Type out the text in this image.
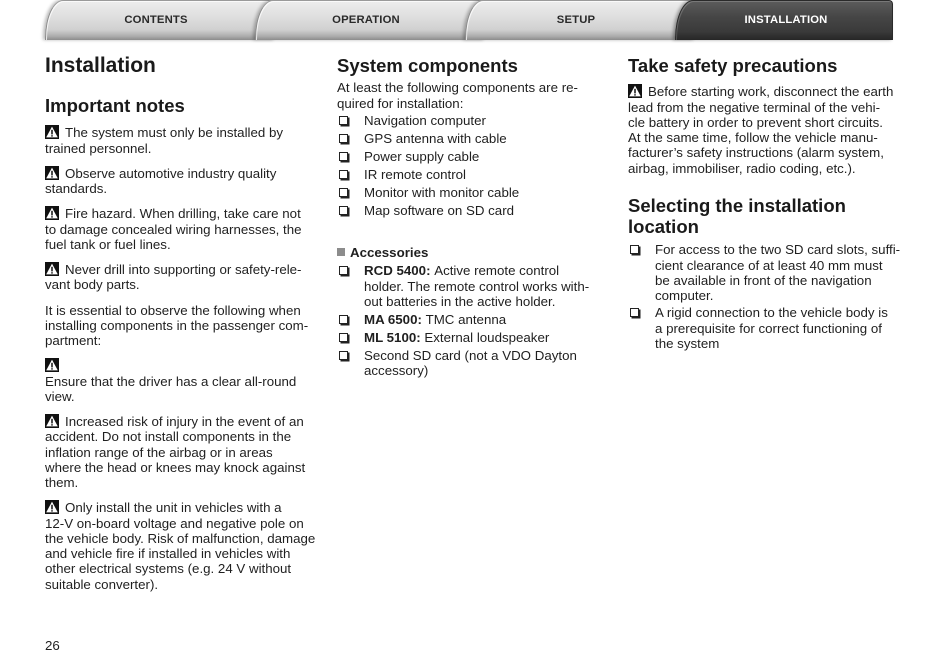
CONTENTS	OPERATION	SETUP	INSTALLATION
Installation
Important notes

The system must only be installed by
trained personnel.

Observe automotive industry quality
standards.

Fire hazard. When drilling, take care not
to damage concealed wiring harnesses, the
fuel tank or fuel lines.

Never drill into supporting or safety-rele-
vant body parts.

It is essential to observe the following when
installing components in the passenger com-
partment:

Ensure that the driver has a clear all-round
view.

Increased risk of injury in the event of an
accident. Do not install components in the
inflation range of the airbag or in areas
where the head or knees may knock against
them.

Only install the unit in vehicles with a
12-V on-board voltage and negative pole on
the vehicle body. Risk of malfunction, damage
and vehicle fire if installed in vehicles with
other electrical systems (e.g. 24 V without
suitable converter).

System components

At least the following components are re-
quired for installation:

Navigation computer
GPS antenna with cable
Power supply cable
IR remote control
Monitor with monitor cable
Map software on SD card
Accessories
RCD 5400: Active remote control
holder. The remote control works with-
out batteries in the active holder.
MA 6500: TMC antenna
ML 5100: External loudspeaker
Second SD card (not a VDO Dayton
accessory)
Take safety precautions

Before starting work, disconnect the earth
lead from the negative terminal of the vehi-
cle battery in order to prevent short circuits.
At the same time, follow the vehicle manu-
facturer’s safety instructions (alarm system,
airbag, immobiliser, radio coding, etc.).

Selecting the installation
location
For access to the two SD card slots, suffi-
cient clearance of at least 40 mm must
be available in front of the navigation
computer.
A rigid connection to the vehicle body is
a prerequisite for correct functioning of
the system
26
